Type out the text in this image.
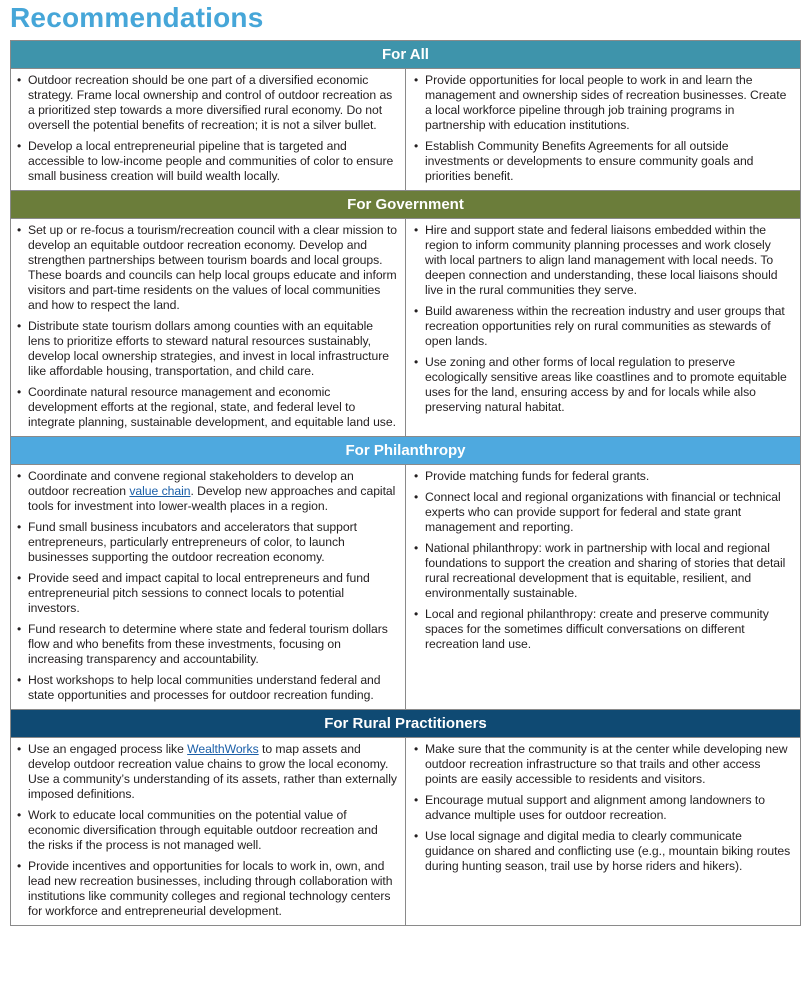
Recommendations
For All
• Outdoor recreation should be one part of a diversified economic strategy. Frame local ownership and control of outdoor recreation as a prioritized step towards a more diversified rural economy. Do not oversell the potential benefits of recreation; it is not a silver bullet.
• Develop a local entrepreneurial pipeline that is targeted and accessible to low-income people and communities of color to ensure small business creation will build wealth locally.
• Provide opportunities for local people to work in and learn the management and ownership sides of recreation businesses. Create a local workforce pipeline through job training programs in partnership with education institutions.
• Establish Community Benefits Agreements for all outside investments or developments to ensure community goals and priorities benefit.
For Government
• Set up or re-focus a tourism/recreation council with a clear mission to develop an equitable outdoor recreation economy. Develop and strengthen partnerships between tourism boards and local groups. These boards and councils can help local groups educate and inform visitors and part-time residents on the values of local communities and how to respect the land.
• Distribute state tourism dollars among counties with an equitable lens to prioritize efforts to steward natural resources sustainably, develop local ownership strategies, and invest in local infrastructure like affordable housing, transportation, and child care.
• Coordinate natural resource management and economic development efforts at the regional, state, and federal level to integrate planning, sustainable development, and equitable land use.
• Hire and support state and federal liaisons embedded within the region to inform community planning processes and work closely with local partners to align land management with local needs. To deepen connection and understanding, these local liaisons should live in the rural communities they serve.
• Build awareness within the recreation industry and user groups that recreation opportunities rely on rural communities as stewards of open lands.
• Use zoning and other forms of local regulation to preserve ecologically sensitive areas like coastlines and to promote equitable uses for the land, ensuring access by and for locals while also preserving natural habitat.
For Philanthropy
• Coordinate and convene regional stakeholders to develop an outdoor recreation value chain. Develop new approaches and capital tools for investment into lower-wealth places in a region.
• Fund small business incubators and accelerators that support entrepreneurs, particularly entrepreneurs of color, to launch businesses supporting the outdoor recreation economy.
• Provide seed and impact capital to local entrepreneurs and fund entrepreneurial pitch sessions to connect locals to potential investors.
• Fund research to determine where state and federal tourism dollars flow and who benefits from these investments, focusing on increasing transparency and accountability.
• Host workshops to help local communities understand federal and state opportunities and processes for outdoor recreation funding.
• Provide matching funds for federal grants.
• Connect local and regional organizations with financial or technical experts who can provide support for federal and state grant management and reporting.
• National philanthropy: work in partnership with local and regional foundations to support the creation and sharing of stories that detail rural recreational development that is equitable, resilient, and environmentally sustainable.
• Local and regional philanthropy: create and preserve community spaces for the sometimes difficult conversations on different recreation land use.
For Rural Practitioners
• Use an engaged process like WealthWorks to map assets and develop outdoor recreation value chains to grow the local economy. Use a community’s understanding of its assets, rather than externally imposed definitions.
• Work to educate local communities on the potential value of economic diversification through equitable outdoor recreation and the risks if the process is not managed well.
• Provide incentives and opportunities for locals to work in, own, and lead new recreation businesses, including through collaboration with institutions like community colleges and regional technology centers for workforce and entrepreneurial development.
• Make sure that the community is at the center while developing new outdoor recreation infrastructure so that trails and other access points are easily accessible to residents and visitors.
• Encourage mutual support and alignment among landowners to advance multiple uses for outdoor recreation.
• Use local signage and digital media to clearly communicate guidance on shared and conflicting use (e.g., mountain biking routes during hunting season, trail use by horse riders and hikers).
